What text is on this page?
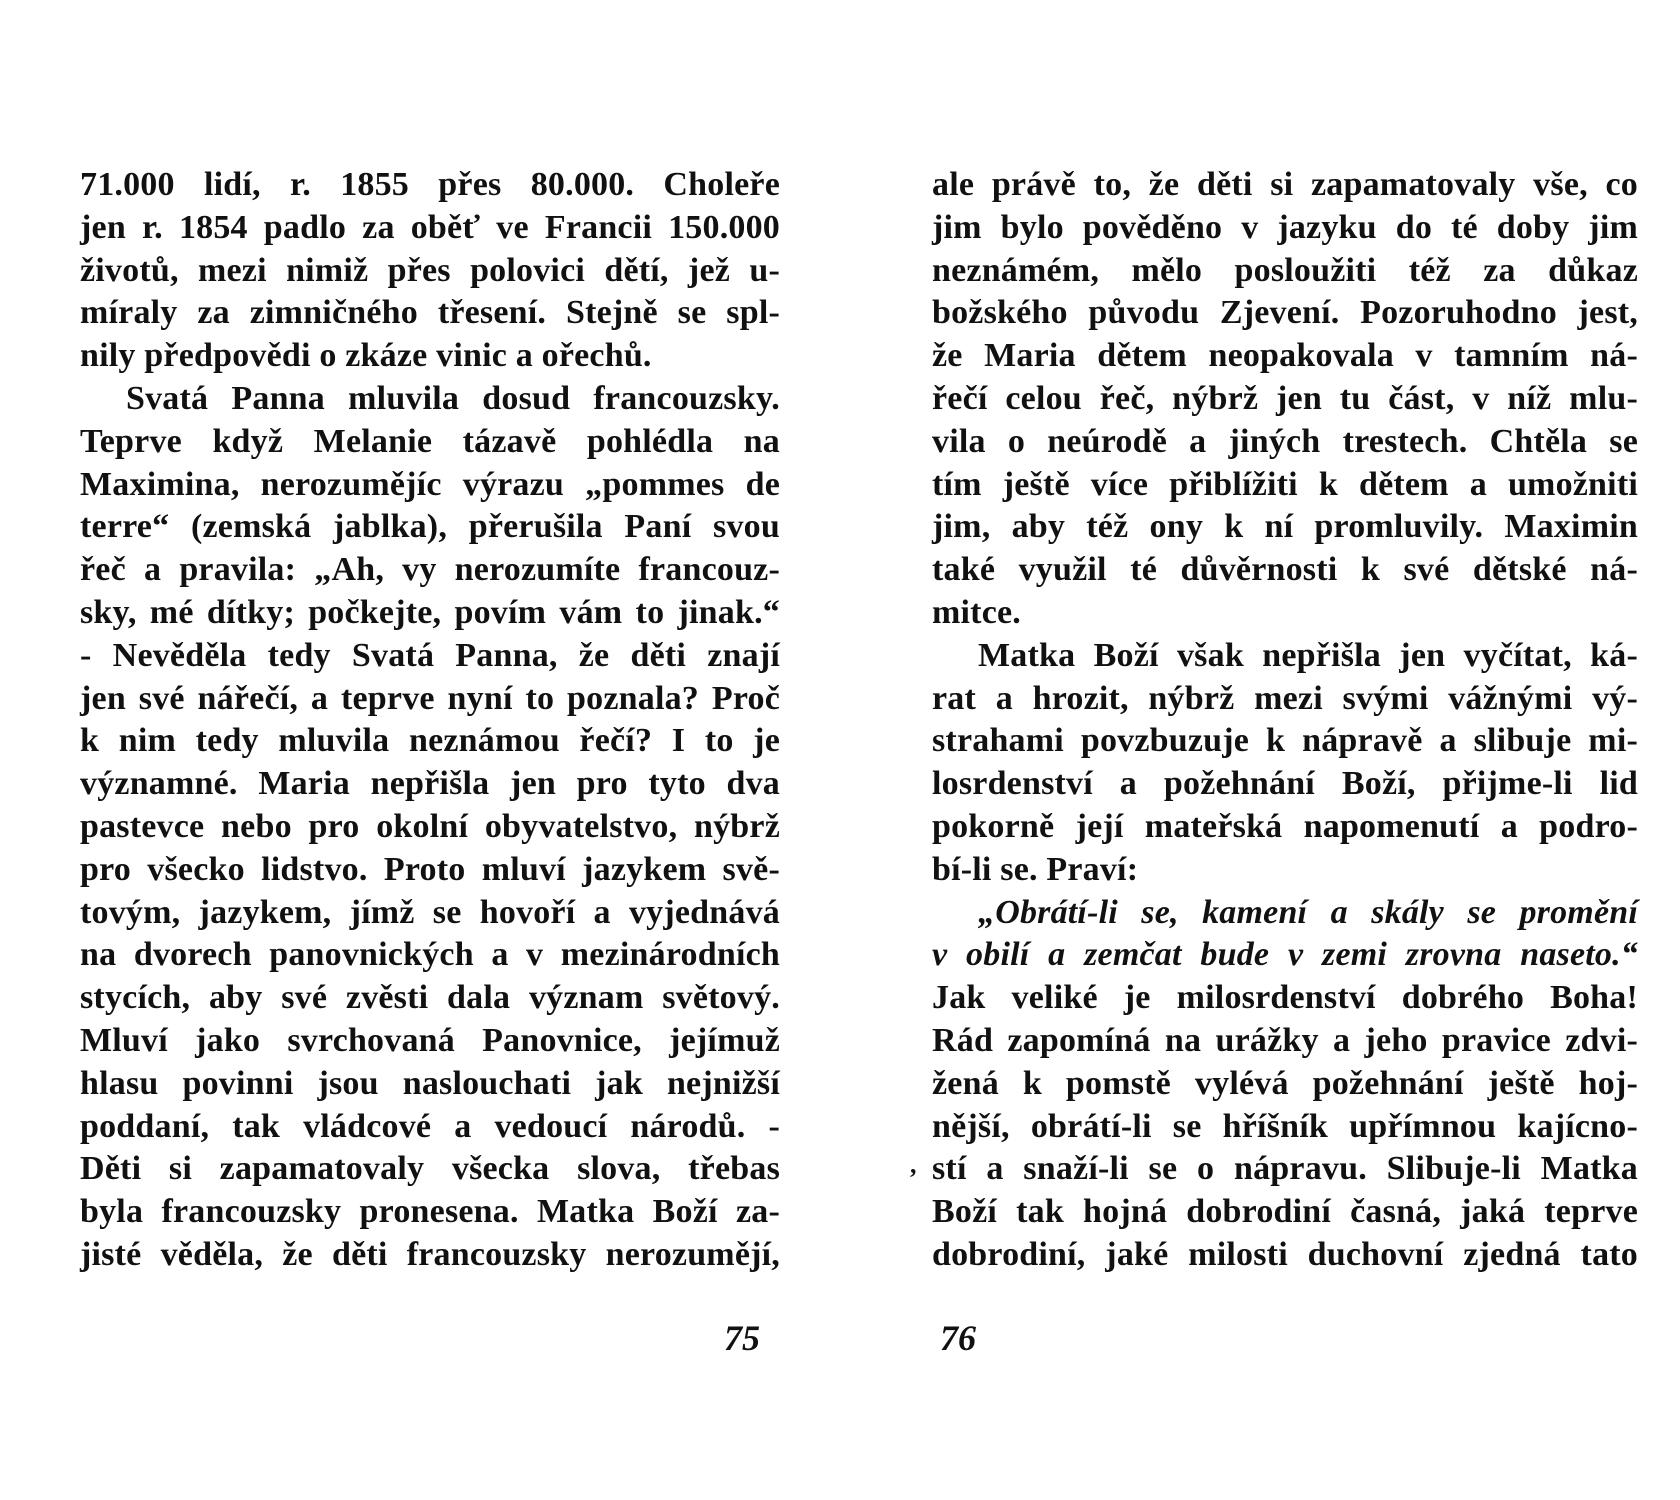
71.000 lidí, r. 1855 přes 80.000. Choleře
jen r. 1854 padlo za oběť ve Francii 150.000
životů, mezi nimiž přes polovici dětí, jež u-
míraly za zimničného třesení. Stejně se spl-
nily předpovědi o zkáze vinic a ořechů.
Svatá Panna mluvila dosud francouzsky.
Teprve když Melanie tázavě pohlédla na
Maximina, nerozumějíc výrazu „pommes de
terre“ (zemská jablka), přerušila Paní svou
řeč a pravila: „Ah, vy nerozumíte francouz-
sky, mé dítky; počkejte, povím vám to jinak.“
- Nevěděla tedy Svatá Panna, že děti znají
jen své nářečí, a teprve nyní to poznala? Proč
k nim tedy mluvila neznámou řečí? I to je
významné. Maria nepřišla jen pro tyto dva
pastevce nebo pro okolní obyvatelstvo, nýbrž
pro všecko lidstvo. Proto mluví jazykem svě-
tovým, jazykem, jímž se hovoří a vyjednává
na dvorech panovnických a v mezinárodních
stycích, aby své zvěsti dala význam světový.
Mluví jako svrchovaná Panovnice, jejímuž
hlasu povinni jsou naslouchati jak nejnižší
poddaní, tak vládcové a vedoucí národů. -
Děti si zapamatovaly všecka slova, třebas
byla francouzsky pronesena. Matka Boží za-
jisté věděla, že děti francouzsky nerozumějí,
ale právě to, že děti si zapamatovaly vše, co
jim bylo pověděno v jazyku do té doby jim
neznámém, mělo posloužiti též za důkaz
božského původu Zjevení. Pozoruhodno jest,
že Maria dětem neopakovala v tamním ná-
řečí celou řeč, nýbrž jen tu část, v níž mlu-
vila o neúrodě a jiných trestech. Chtěla se
tím ještě více přiblížiti k dětem a umožniti
jim, aby též ony k ní promluvily. Maximin
také využil té důvěrnosti k své dětské ná-
mitce.
Matka Boží však nepřišla jen vyčítat, ká-
rat a hrozit, nýbrž mezi svými vážnými vý-
strahami povzbuzuje k nápravě a slibuje mi-
losrdenství a požehnání Boží, přijme-li lid
pokorně její mateřská napomenutí a podro-
bí-li se. Praví:
„Obrátí-li se, kamení a skály se promění
v obilí a zemčat bude v zemi zrovna naseto.“
Jak veliké je milosrdenství dobrého Boha!
Rád zapomíná na urážky a jeho pravice zdvi-
žená k pomstě vylévá požehnání ještě hoj-
nější, obrátí-li se hříšník upřímnou kajícno-
stí a snaží-li se o nápravu. Slibuje-li Matka
Boží tak hojná dobrodiní časná, jaká teprve
dobrodiní, jaké milosti duchovní zjedná tato
,
75	76
